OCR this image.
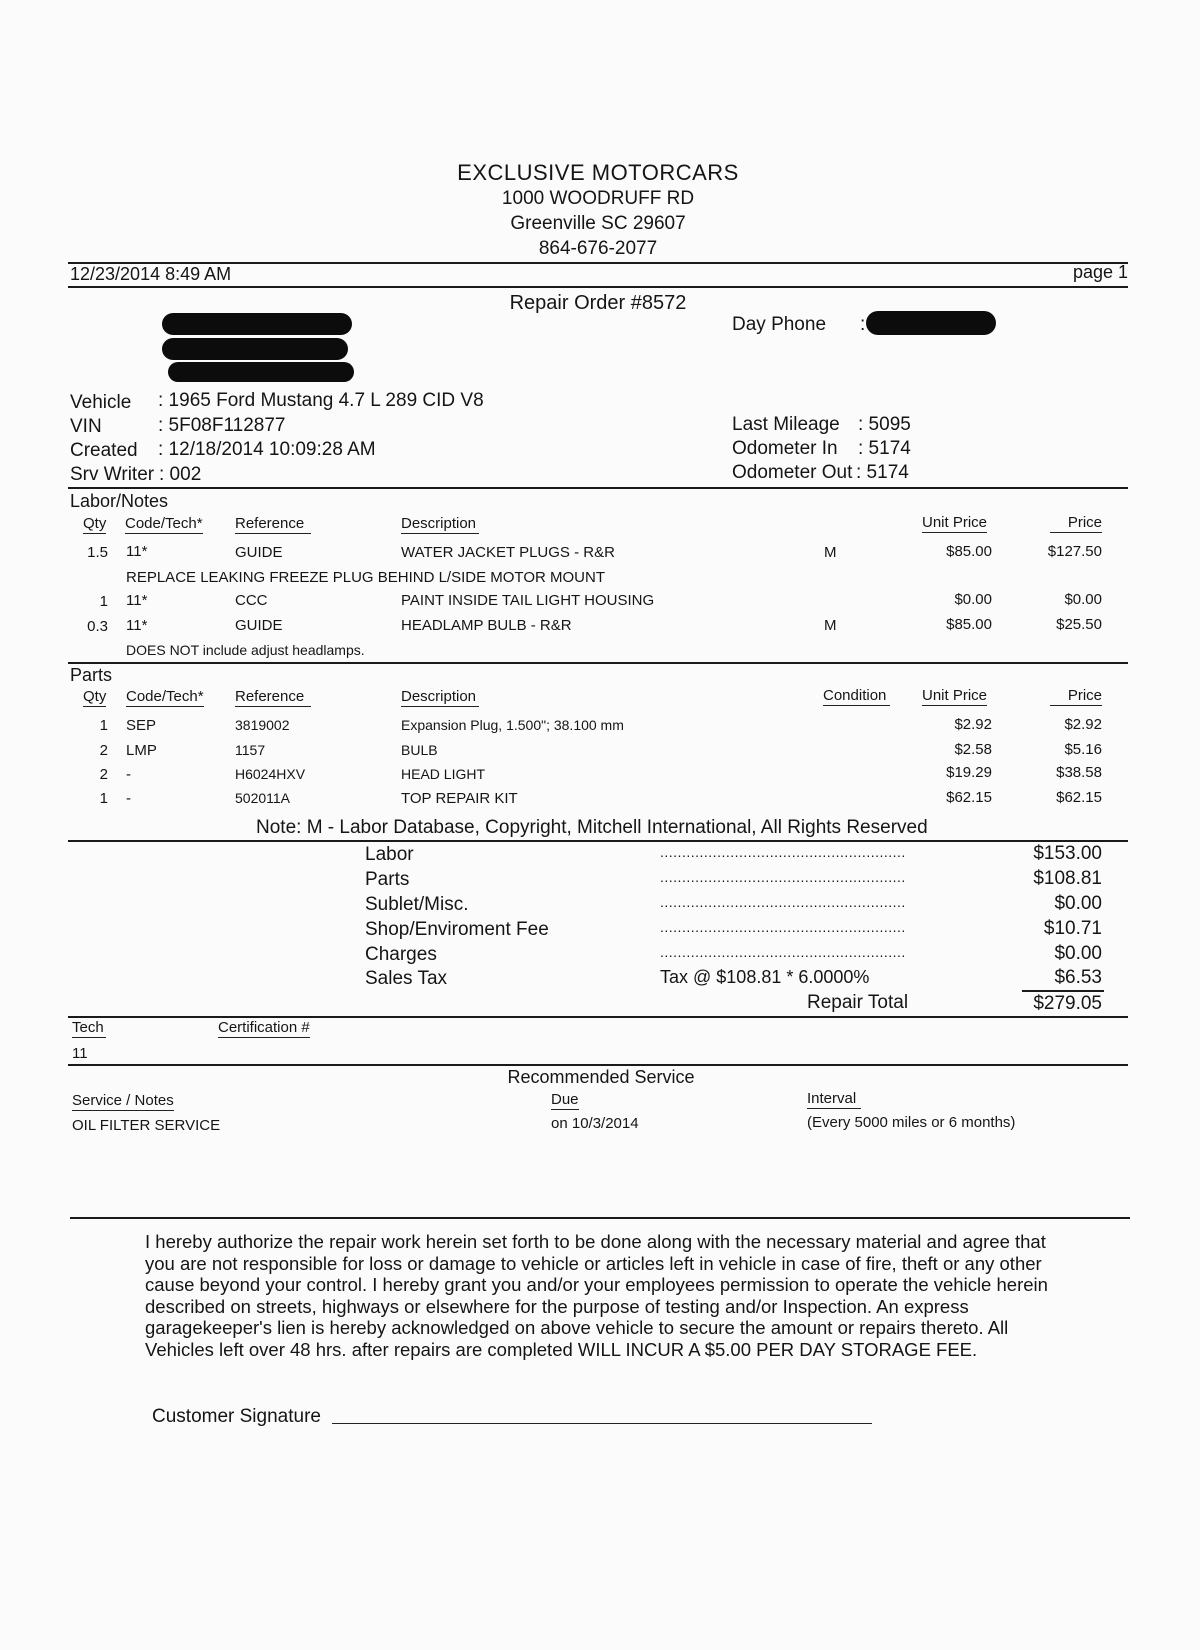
EXCLUSIVE MOTORCARS
1000 WOODRUFF RD
Greenville SC 29607
864-676-2077
12/23/2014 8:49 AM	page 1
Repair Order #8572
Day Phone :
Vehicle : 1965 Ford Mustang 4.7 L 289 CID V8
VIN	: 5F08F112877
Created : 12/18/2014 10:09:28 AM
Srv Writer : 002
Last Mileage : 5095
Odometer In : 5174
Odometer Out : 5174
Labor/Notes
Qty Code/Tech* Reference	Description	Unit Price	Price
1.5 11*	GUIDE	WATER JACKET PLUGS - R&R	M	$85.00	$127.50
REPLACE LEAKING FREEZE PLUG BEHIND L/SIDE MOTOR MOUNT
1 11*	CCC	PAINT INSIDE TAIL LIGHT HOUSING	$0.00	$0.00
0.3 11*	GUIDE	HEADLAMP BULB - R&R	M	$85.00	$25.50
DOES NOT include adjust headlamps.
Parts
Qty Code/Tech* Reference	Description	Condition Unit Price	Price
1 SEP	3819002	Expansion Plug, 1.500"; 38.100 mm	$2.92	$2.92
2 LMP	1157	BULB	$2.58	$5.16
2 -	H6024HXV	HEAD LIGHT	$19.29	$38.58
1 -	502011A	TOP REPAIR KIT	$62.15	$62.15
Note: M - Labor Database, Copyright, Mitchell International, All Rights Reserved
Labor	........................................................	$153.00
Parts	........................................................	$108.81
Sublet/Misc.	........................................................	$0.00
Shop/Enviroment Fee	........................................................	$10.71
Charges	........................................................	$0.00
Sales Tax	Tax @ $108.81 * 6.0000%	$6.53
Repair Total	$279.05
Tech	Certification #
11
Recommended Service
Service / Notes	Due	Interval
OIL FILTER SERVICE	on 10/3/2014	(Every 5000 miles or 6 months)
I hereby authorize the repair work herein set forth to be done along with the necessary material and agree that you are not responsible for loss or damage to vehicle or articles left in vehicle in case of fire, theft or any other cause beyond your control. I hereby grant you and/or your employees permission to operate the vehicle herein described on streets, highways or elsewhere for the purpose of testing and/or Inspection. An express garagekeeper's lien is hereby acknowledged on above vehicle to secure the amount or repairs thereto. All Vehicles left over 48 hrs. after repairs are completed WILL INCUR A $5.00 PER DAY STORAGE FEE.
Customer Signature
